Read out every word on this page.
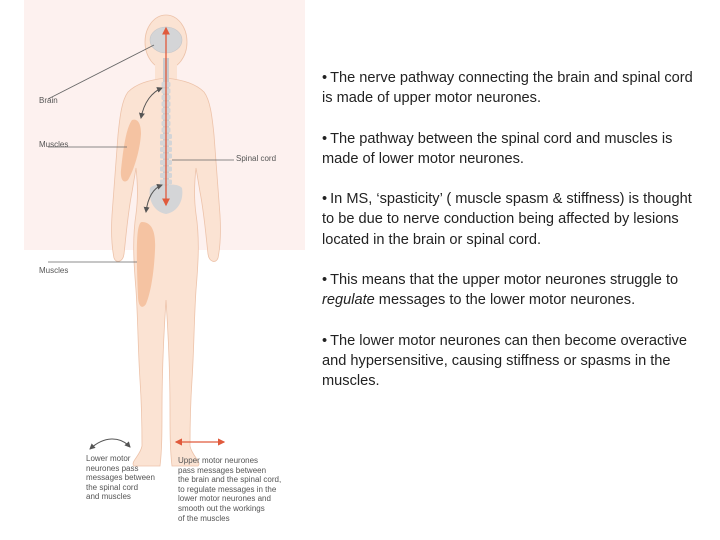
Brain
Muscles
Spinal cord
Muscles
Lower motor
neurones pass
messages between
the spinal cord
and muscles
Upper motor neurones
pass messages between
the brain and the spinal cord,
to regulate messages in the
lower motor neurones and
smooth out the workings
of the muscles
• The nerve pathway connecting the brain and spinal cord is made of upper motor neurones.
• The pathway between the spinal cord and muscles is made of lower motor neurones.
• In MS, ‘spasticity’ ( muscle spasm & stiffness) is thought to be due to nerve conduction being affected by lesions located in the brain or spinal cord.
• This means that the upper motor neurones struggle to regulate messages to the lower motor neurones.
• The lower motor neurones can then become overactive and hypersensitive, causing stiffness or spasms in the muscles.
